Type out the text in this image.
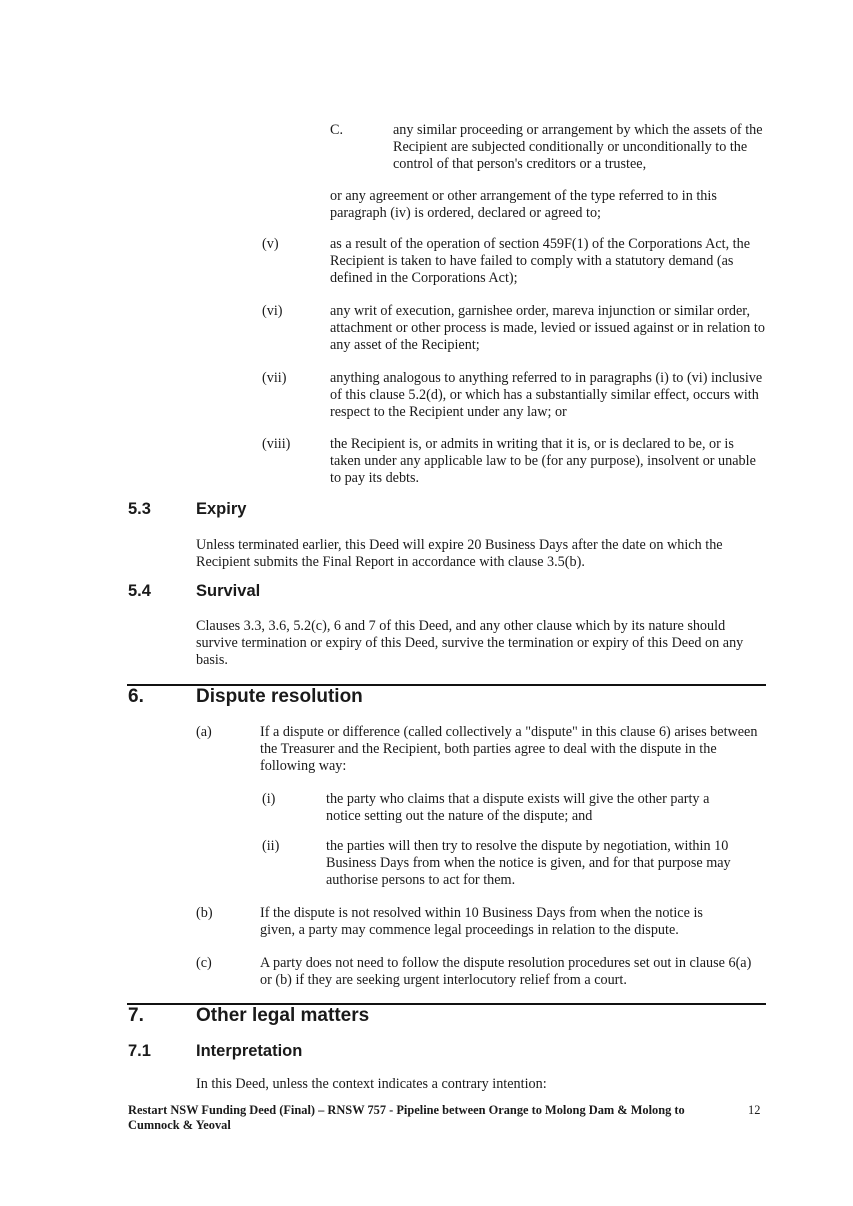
C.	any similar proceeding or arrangement by which the assets of the Recipient are subjected conditionally or unconditionally to the control of that person's creditors or a trustee,
or any agreement or other arrangement of the type referred to in this paragraph (iv) is ordered, declared or agreed to;
(v)	as a result of the operation of section 459F(1) of the Corporations Act, the Recipient is taken to have failed to comply with a statutory demand (as defined in the Corporations Act);
(vi)	any writ of execution, garnishee order, mareva injunction or similar order, attachment or other process is made, levied or issued against or in relation to any asset of the Recipient;
(vii)	anything analogous to anything referred to in paragraphs (i) to (vi) inclusive of this clause 5.2(d), or which has a substantially similar effect, occurs with respect to the Recipient under any law; or
(viii)	the Recipient is, or admits in writing that it is, or is declared to be, or is taken under any applicable law to be (for any purpose), insolvent or unable to pay its debts.
5.3	Expiry
Unless terminated earlier, this Deed will expire 20 Business Days after the date on which the Recipient submits the Final Report in accordance with clause 3.5(b).
5.4	Survival
Clauses 3.3, 3.6, 5.2(c), 6 and 7 of this Deed, and any other clause which by its nature should survive termination or expiry of this Deed, survive the termination or expiry of this Deed on any basis.
6.	Dispute resolution
(a)	If a dispute or difference (called collectively a "dispute" in this clause 6) arises between the Treasurer and the Recipient, both parties agree to deal with the dispute in the following way:
(i)	the party who claims that a dispute exists will give the other party a notice setting out the nature of the dispute; and
(ii)	the parties will then try to resolve the dispute by negotiation, within 10 Business Days from when the notice is given, and for that purpose may authorise persons to act for them.
(b)	If the dispute is not resolved within 10 Business Days from when the notice is given, a party may commence legal proceedings in relation to the dispute.
(c)	A party does not need to follow the dispute resolution procedures set out in clause 6(a) or (b) if they are seeking urgent interlocutory relief from a court.
7.	Other legal matters
7.1	Interpretation
In this Deed, unless the context indicates a contrary intention:
Restart NSW Funding Deed (Final) – RNSW 757 - Pipeline between Orange to Molong Dam & Molong to Cumnock & Yeoval
12
